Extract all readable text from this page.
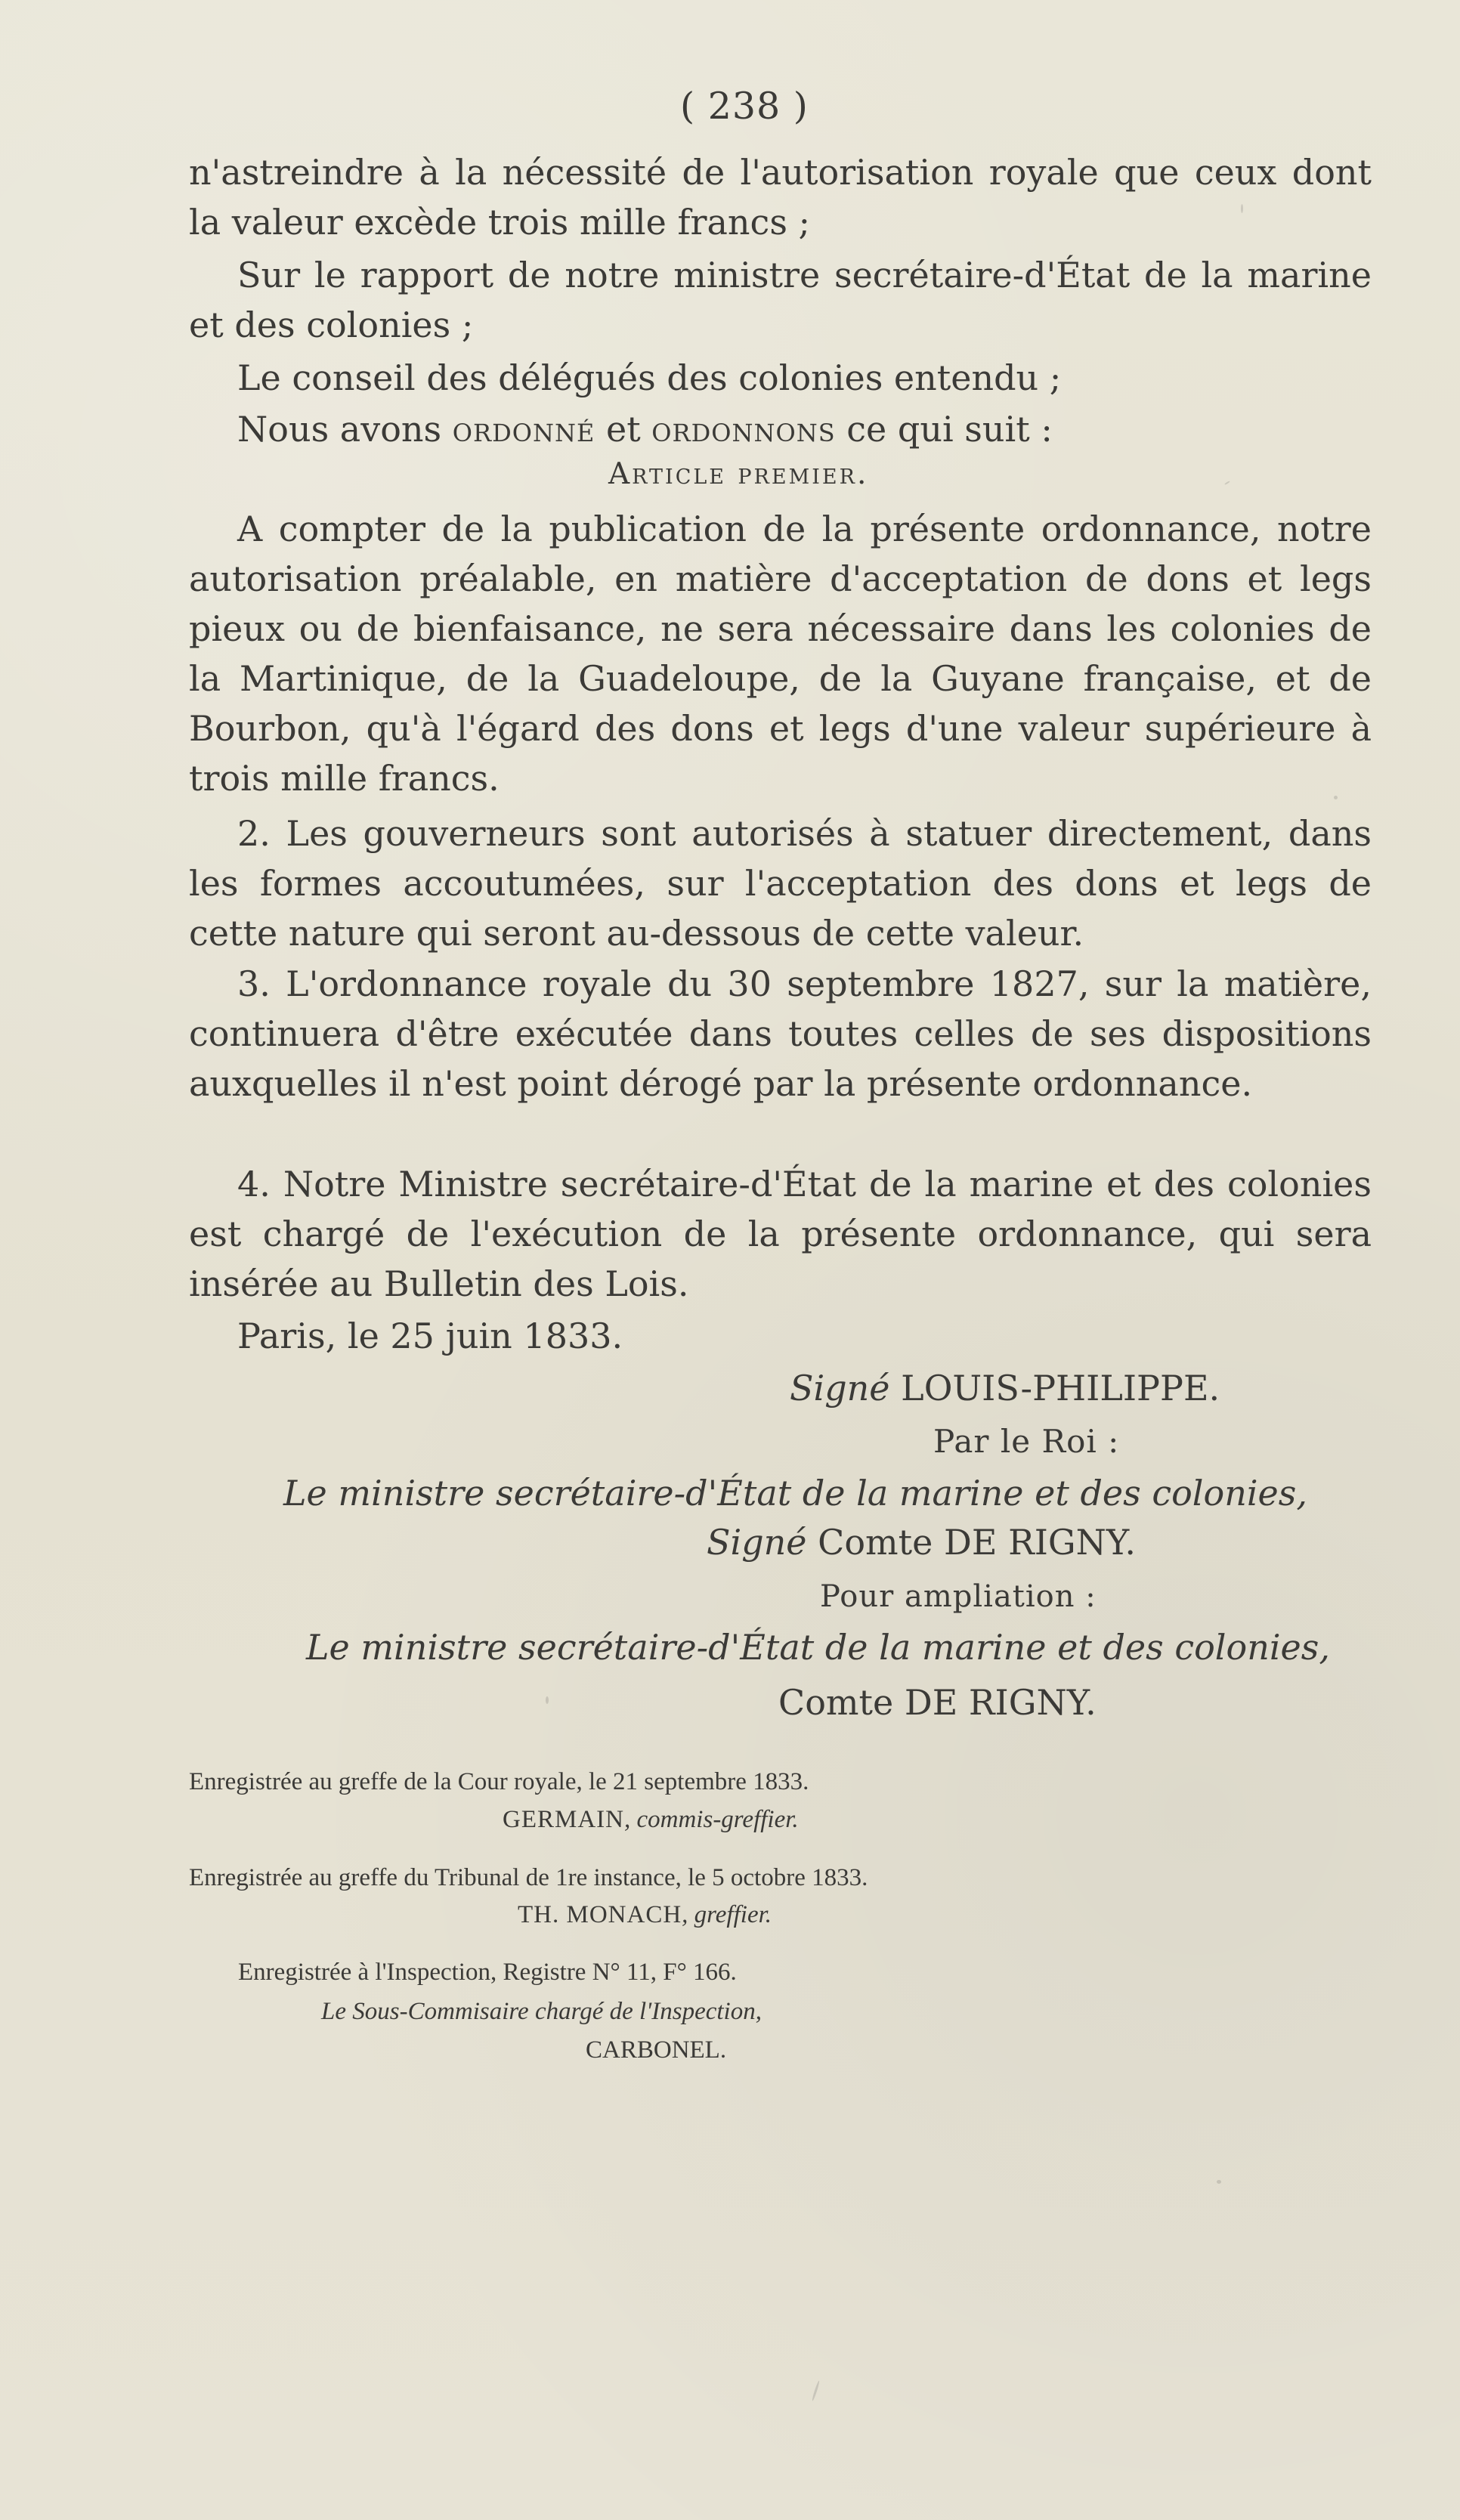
( 238 )

n'astreindre à la nécessité de l'autorisation royale que ceux dont la valeur excède trois mille francs ;

Sur le rapport de notre ministre secrétaire-d'État de la marine et des colonies ;

Le conseil des délégués des colonies entendu ;

Nous avons ordonné et ordonnons ce qui suit :

Article premier.

A compter de la publication de la présente ordonnance, notre autorisation préalable, en matière d'acceptation de dons et legs pieux ou de bienfaisance, ne sera nécessaire dans les colonies de la Martinique, de la Guadeloupe, de la Guyane française, et de Bourbon, qu'à l'égard des dons et legs d'une valeur supérieure à trois mille francs.

2. Les gouverneurs sont autorisés à statuer directement, dans les formes accoutumées, sur l'acceptation des dons et legs de cette nature qui seront au-dessous de cette valeur.

3. L'ordonnance royale du 30 septembre 1827, sur la matière, continuera d'être exécutée dans toutes celles de ses dispositions auxquelles il n'est point dérogé par la présente ordonnance.

4. Notre Ministre secrétaire-d'État de la marine et des colonies est chargé de l'exécution de la présente ordonnance, qui sera insérée au Bulletin des Lois.

Paris, le 25 juin 1833.

Signé LOUIS-PHILIPPE.

Par le Roi :

Le ministre secrétaire-d'État de la marine et des colonies,

Signé Comte DE RIGNY.

Pour ampliation :

Le ministre secrétaire-d'État de la marine et des colonies,

Comte DE RIGNY.

Enregistrée au greffe de la Cour royale, le 21 septembre 1833.

GERMAIN, commis-greffier.

Enregistrée au greffe du Tribunal de 1re instance, le 5 octobre 1833.

TH. MONACH, greffier.

Enregistrée à l'Inspection, Registre N° 11, F° 166.

Le Sous-Commisaire chargé de l'Inspection,

CARBONEL.
